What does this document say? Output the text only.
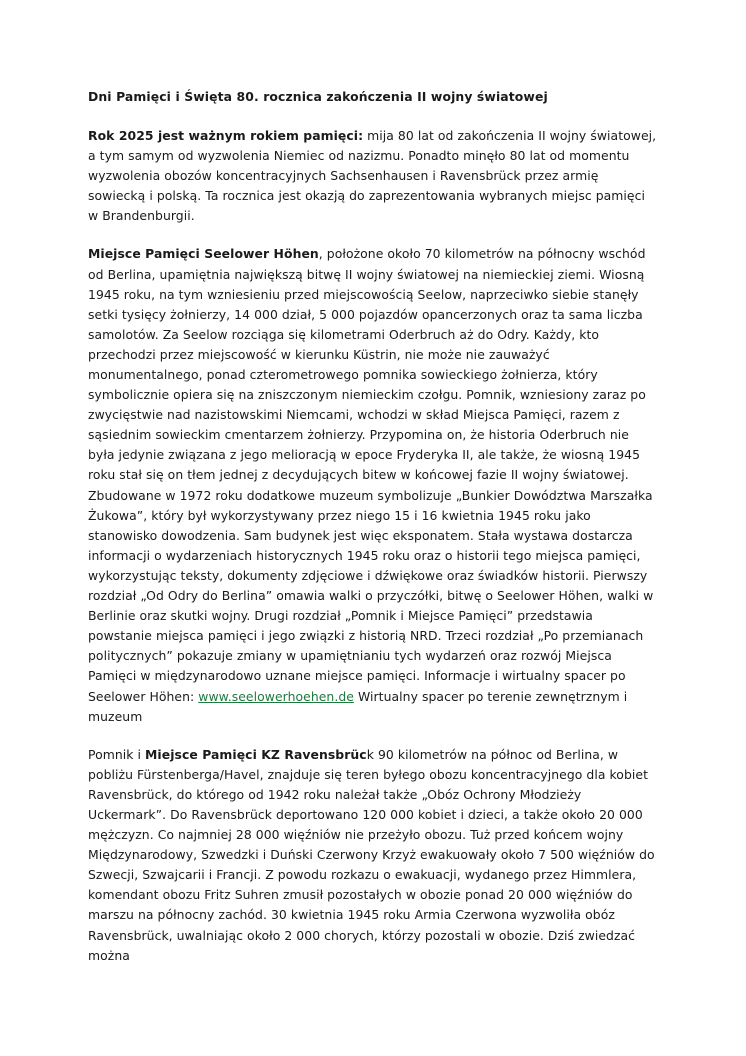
Dni Pamięci i Święta 80. rocznica zakończenia II wojny światowej

Rok 2025 jest ważnym rokiem pamięci: mija 80 lat od zakończenia II wojny światowej, a tym samym od wyzwolenia Niemiec od nazizmu. Ponadto minęło 80 lat od momentu wyzwolenia obozów koncentracyjnych Sachsenhausen i Ravensbrück przez armię sowiecką i polską. Ta rocznica jest okazją do zaprezentowania wybranych miejsc pamięci w Brandenburgii.

Miejsce Pamięci Seelower Höhen, położone około 70 kilometrów na północny wschód od Berlina, upamiętnia największą bitwę II wojny światowej na niemieckiej ziemi. Wiosną 1945 roku, na tym wzniesieniu przed miejscowością Seelow, naprzeciwko siebie stanęły setki tysięcy żołnierzy, 14 000 dział, 5 000 pojazdów opancerzonych oraz ta sama liczba samolotów. Za Seelow rozciąga się kilometrami Oderbruch aż do Odry. Każdy, kto przechodzi przez miejscowość w kierunku Küstrin, nie może nie zauważyć monumentalnego, ponad czterometrowego pomnika sowieckiego żołnierza, który symbolicznie opiera się na zniszczonym niemieckim czołgu. Pomnik, wzniesiony zaraz po zwycięstwie nad nazistowskimi Niemcami, wchodzi w skład Miejsca Pamięci, razem z sąsiednim sowieckim cmentarzem żołnierzy. Przypomina on, że historia Oderbruch nie była jedynie związana z jego melioracją w epoce Fryderyka II, ale także, że wiosną 1945 roku stał się on tłem jednej z decydujących bitew w końcowej fazie II wojny światowej. Zbudowane w 1972 roku dodatkowe muzeum symbolizuje „Bunkier Dowództwa Marszałka Żukowa”, który był wykorzystywany przez niego 15 i 16 kwietnia 1945 roku jako stanowisko dowodzenia. Sam budynek jest więc eksponatem. Stała wystawa dostarcza informacji o wydarzeniach historycznych 1945 roku oraz o historii tego miejsca pamięci, wykorzystując teksty, dokumenty zdjęciowe i dźwiękowe oraz świadków historii. Pierwszy rozdział „Od Odry do Berlina” omawia walki o przyczółki, bitwę o Seelower Höhen, walki w Berlinie oraz skutki wojny. Drugi rozdział „Pomnik i Miejsce Pamięci” przedstawia powstanie miejsca pamięci i jego związki z historią NRD. Trzeci rozdział „Po przemianach politycznych” pokazuje zmiany w upamiętnianiu tych wydarzeń oraz rozwój Miejsca Pamięci w międzynarodowo uznane miejsce pamięci. Informacje i wirtualny spacer po Seelower Höhen: www.seelowerhoehen.de Wirtualny spacer po terenie zewnętrznym i muzeum

Pomnik i Miejsce Pamięci KZ Ravensbrück 90 kilometrów na północ od Berlina, w pobliżu Fürstenberga/Havel, znajduje się teren byłego obozu koncentracyjnego dla kobiet Ravensbrück, do którego od 1942 roku należał także „Obóz Ochrony Młodzieży Uckermark”. Do Ravensbrück deportowano 120 000 kobiet i dzieci, a także około 20 000 mężczyzn. Co najmniej 28 000 więźniów nie przeżyło obozu. Tuż przed końcem wojny Międzynarodowy, Szwedzki i Duński Czerwony Krzyż ewakuowały około 7 500 więźniów do Szwecji, Szwajcarii i Francji. Z powodu rozkazu o ewakuacji, wydanego przez Himmlera, komendant obozu Fritz Suhren zmusił pozostałych w obozie ponad 20 000 więźniów do marszu na północny zachód. 30 kwietnia 1945 roku Armia Czerwona wyzwoliła obóz Ravensbrück, uwalniając około 2 000 chorych, którzy pozostali w obozie. Dziś zwiedzać można
